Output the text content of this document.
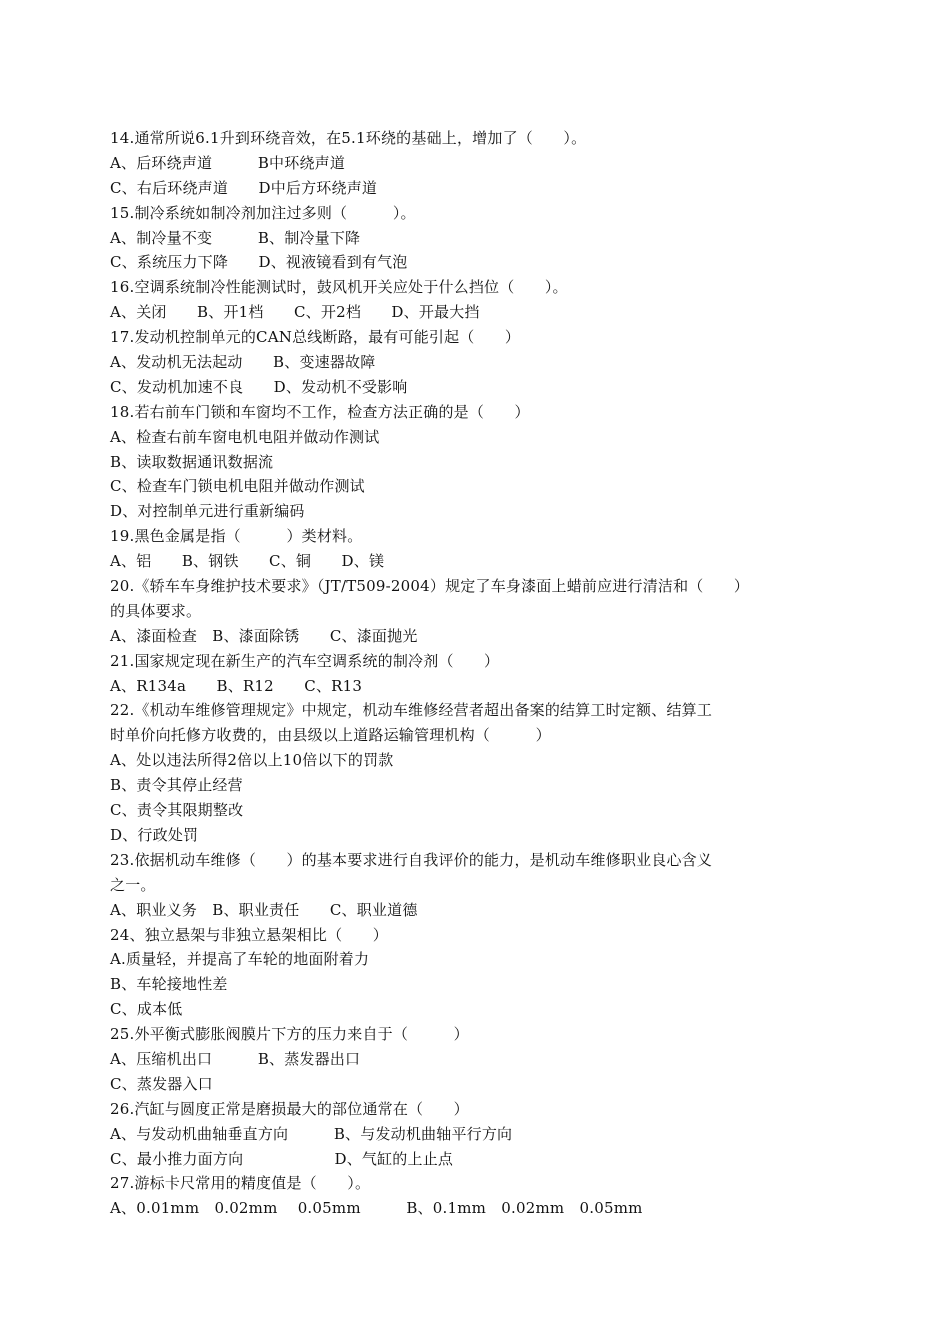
14.通常所说6.1升到环绕音效，在5.1环绕的基础上，增加了（　　）。
A、后环绕声道　　　B中环绕声道
C、右后环绕声道　　D中后方环绕声道
15.制冷系统如制冷剂加注过多则（　　　）。
A、制冷量不变　　　B、制冷量下降
C、系统压力下降　　D、视液镜看到有气泡
16.空调系统制冷性能测试时，鼓风机开关应处于什么挡位（　　）。
A、关闭　　B、开1档　　C、开2档　　D、开最大挡
17.发动机控制单元的CAN总线断路，最有可能引起（　　）
A、发动机无法起动　　B、变速器故障
C、发动机加速不良　　D、发动机不受影响
18.若右前车门锁和车窗均不工作，检查方法正确的是（　　）
A、检查右前车窗电机电阻并做动作测试
B、读取数据通讯数据流
C、检查车门锁电机电阻并做动作测试
D、对控制单元进行重新编码
19.黑色金属是指（　　　）类材料。
A、铝　　B、钢铁　　C、铜　　D、镁
20.《轿车车身维护技术要求》（JT/T509-2004）规定了车身漆面上蜡前应进行清洁和（　　）
的具体要求。
A、漆面检查　B、漆面除锈　　C、漆面抛光
21.国家规定现在新生产的汽车空调系统的制冷剂（　　）
A、R134a　　B、R12　　C、R13
22.《机动车维修管理规定》中规定，机动车维修经营者超出备案的结算工时定额、结算工
时单价向托修方收费的，由县级以上道路运输管理机构（　　　）
A、处以违法所得2倍以上10倍以下的罚款
B、责令其停止经营
C、责令其限期整改
D、行政处罚
23.依据机动车维修（　　）的基本要求进行自我评价的能力，是机动车维修职业良心含义
之一。
A、职业义务　B、职业责任　　C、职业道德
24、独立悬架与非独立悬架相比（　　）
A.质量轻，并提高了车轮的地面附着力
B、车轮接地性差
C、成本低
25.外平衡式膨胀阀膜片下方的压力来自于（　　　）
A、压缩机出口　　　B、蒸发器出口
C、蒸发器入口
26.汽缸与圆度正常是磨损最大的部位通常在（　　）
A、与发动机曲轴垂直方向　　　B、与发动机曲轴平行方向
C、最小推力面方向　　　　　　D、气缸的上止点
27.游标卡尺常用的精度值是（　　）。
A、0.01mm　0.02mm　 0.05mm　　　B、0.1mm　0.02mm　0.05mm
